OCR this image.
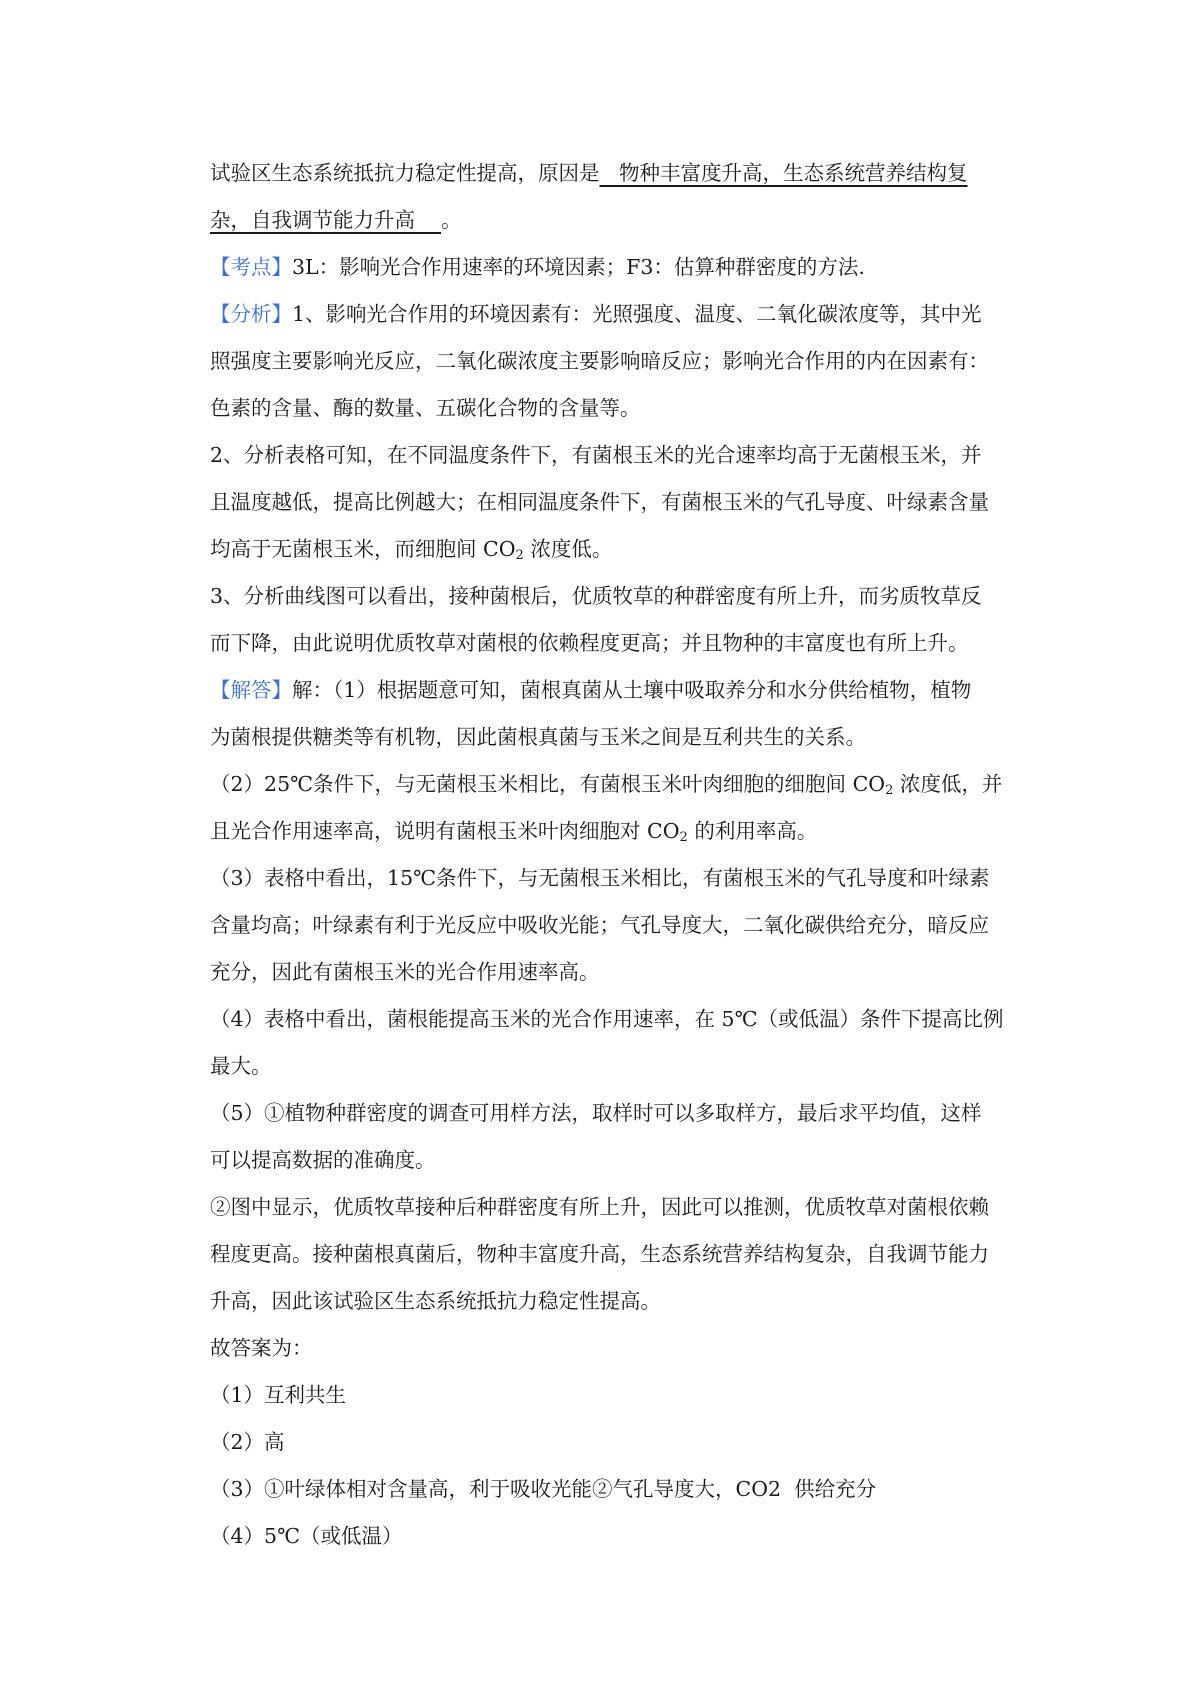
试验区生态系统抵抗力稳定性提高，原因是   物种丰富度升高，生态系统营养结构复
杂，自我调节能力升高    。
【考点】3L：影响光合作用速率的环境因素；F3：估算种群密度的方法.
【分析】1、影响光合作用的环境因素有：光照强度、温度、二氧化碳浓度等，其中光
照强度主要影响光反应，二氧化碳浓度主要影响暗反应；影响光合作用的内在因素有：
色素的含量、酶的数量、五碳化合物的含量等。
2、分析表格可知，在不同温度条件下，有菌根玉米的光合速率均高于无菌根玉米，并
且温度越低，提高比例越大；在相同温度条件下，有菌根玉米的气孔导度、叶绿素含量
均高于无菌根玉米，而细胞间 $CO_2$ 浓度低。
3、分析曲线图可以看出，接种菌根后，优质牧草的种群密度有所上升，而劣质牧草反
而下降，由此说明优质牧草对菌根的依赖程度更高；并且物种的丰富度也有所上升。
【解答】解：（1）根据题意可知，菌根真菌从土壤中吸取养分和水分供给植物，植物
为菌根提供糖类等有机物，因此菌根真菌与玉米之间是互利共生的关系。
（2）25℃条件下，与无菌根玉米相比，有菌根玉米叶肉细胞的细胞间 $CO_2$ 浓度低，并
且光合作用速率高，说明有菌根玉米叶肉细胞对 $CO_2$ 的利用率高。
（3）表格中看出，15℃条件下，与无菌根玉米相比，有菌根玉米的气孔导度和叶绿素
含量均高；叶绿素有利于光反应中吸收光能；气孔导度大，二氧化碳供给充分，暗反应
充分，因此有菌根玉米的光合作用速率高。
（4）表格中看出，菌根能提高玉米的光合作用速率，在 5℃（或低温）条件下提高比例
最大。
（5）①植物种群密度的调查可用样方法，取样时可以多取样方，最后求平均值，这样
可以提高数据的准确度。
②图中显示，优质牧草接种后种群密度有所上升，因此可以推测，优质牧草对菌根依赖
程度更高。接种菌根真菌后，物种丰富度升高，生态系统营养结构复杂，自我调节能力
升高，因此该试验区生态系统抵抗力稳定性提高。
故答案为：
（1）互利共生
（2）高
（3）①叶绿体相对含量高，利于吸收光能②气孔导度大，CO2  供给充分
（4）5℃（或低温）
